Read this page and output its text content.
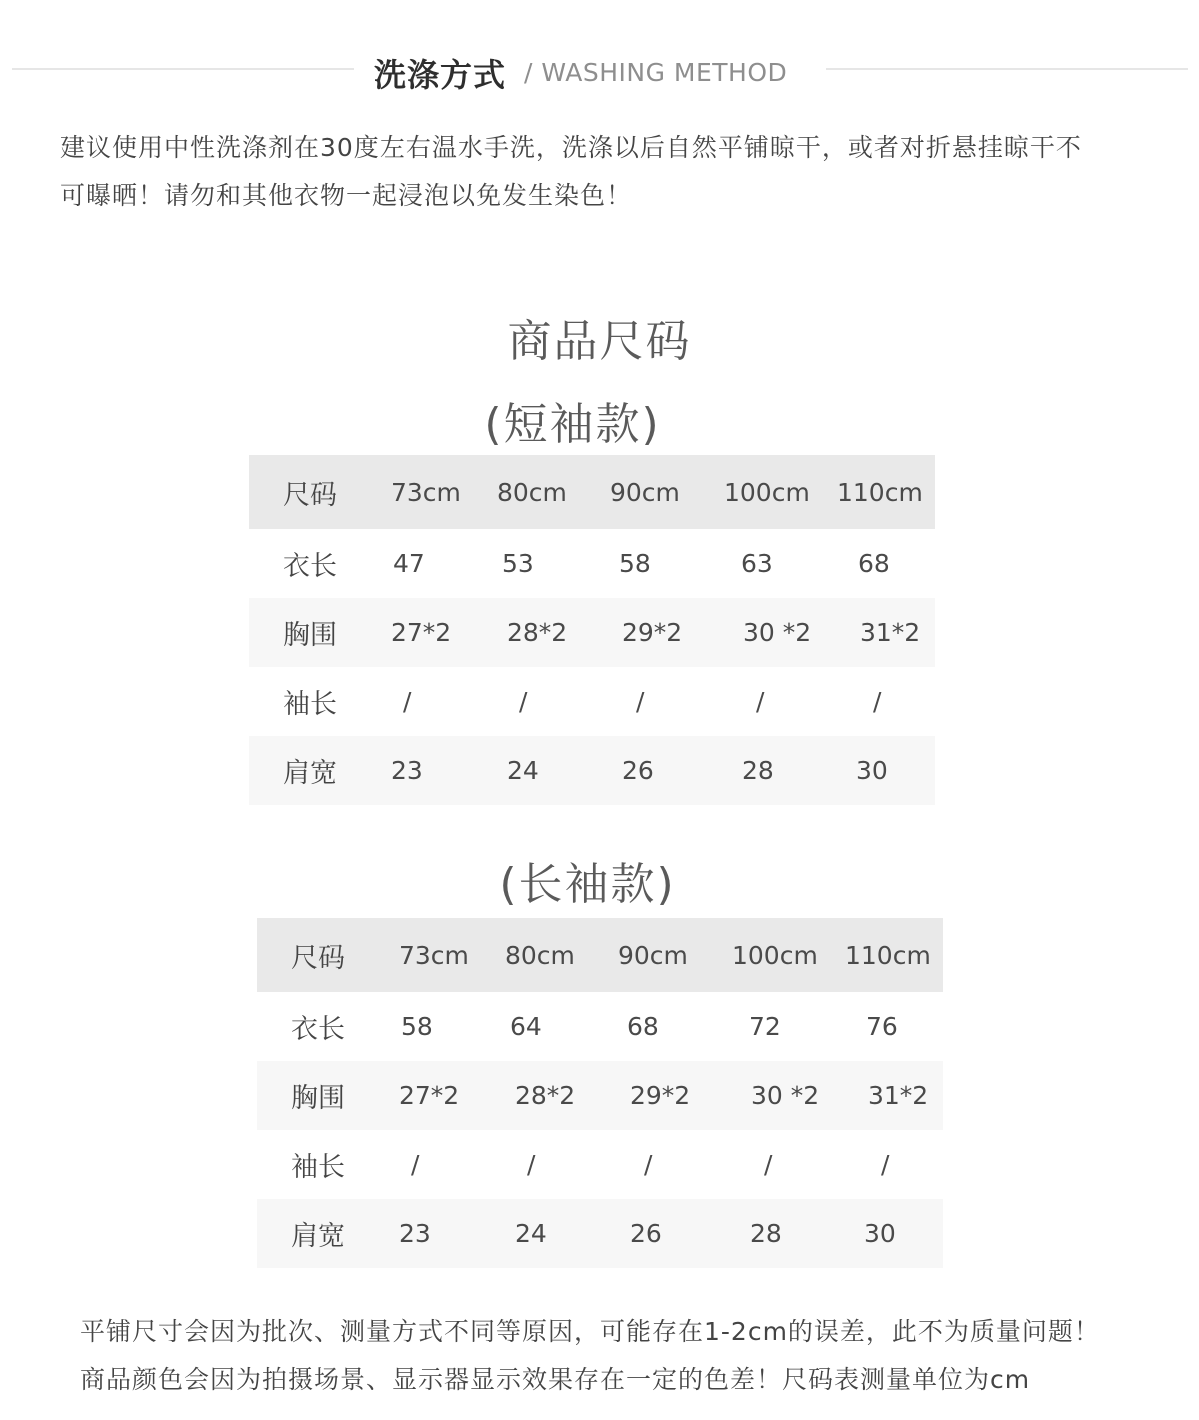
洗涤方式 / WASHING METHOD
建议使用中性洗涤剂在30度左右温水手洗，洗涤以后自然平铺晾干，或者对折悬挂晾干不
可曝晒！请勿和其他衣物一起浸泡以免发生染色！
商品尺码
(短袖款)
尺码	73cm	80cm	90cm	100cm	110cm
衣长	47	53	58	63	68
胸围	27*2	28*2	29*2	30 *2	31*2
袖长	/	/	/	/	/
肩宽	23	24	26	28	30
(长袖款)
尺码	73cm	80cm	90cm	100cm	110cm
衣长	58	64	68	72	76
胸围	27*2	28*2	29*2	30 *2	31*2
袖长	/	/	/	/	/
肩宽	23	24	26	28	30
平铺尺寸会因为批次、测量方式不同等原因，可能存在1-2cm的误差，此不为质量问题！
商品颜色会因为拍摄场景、显示器显示效果存在一定的色差！尺码表测量单位为cm
